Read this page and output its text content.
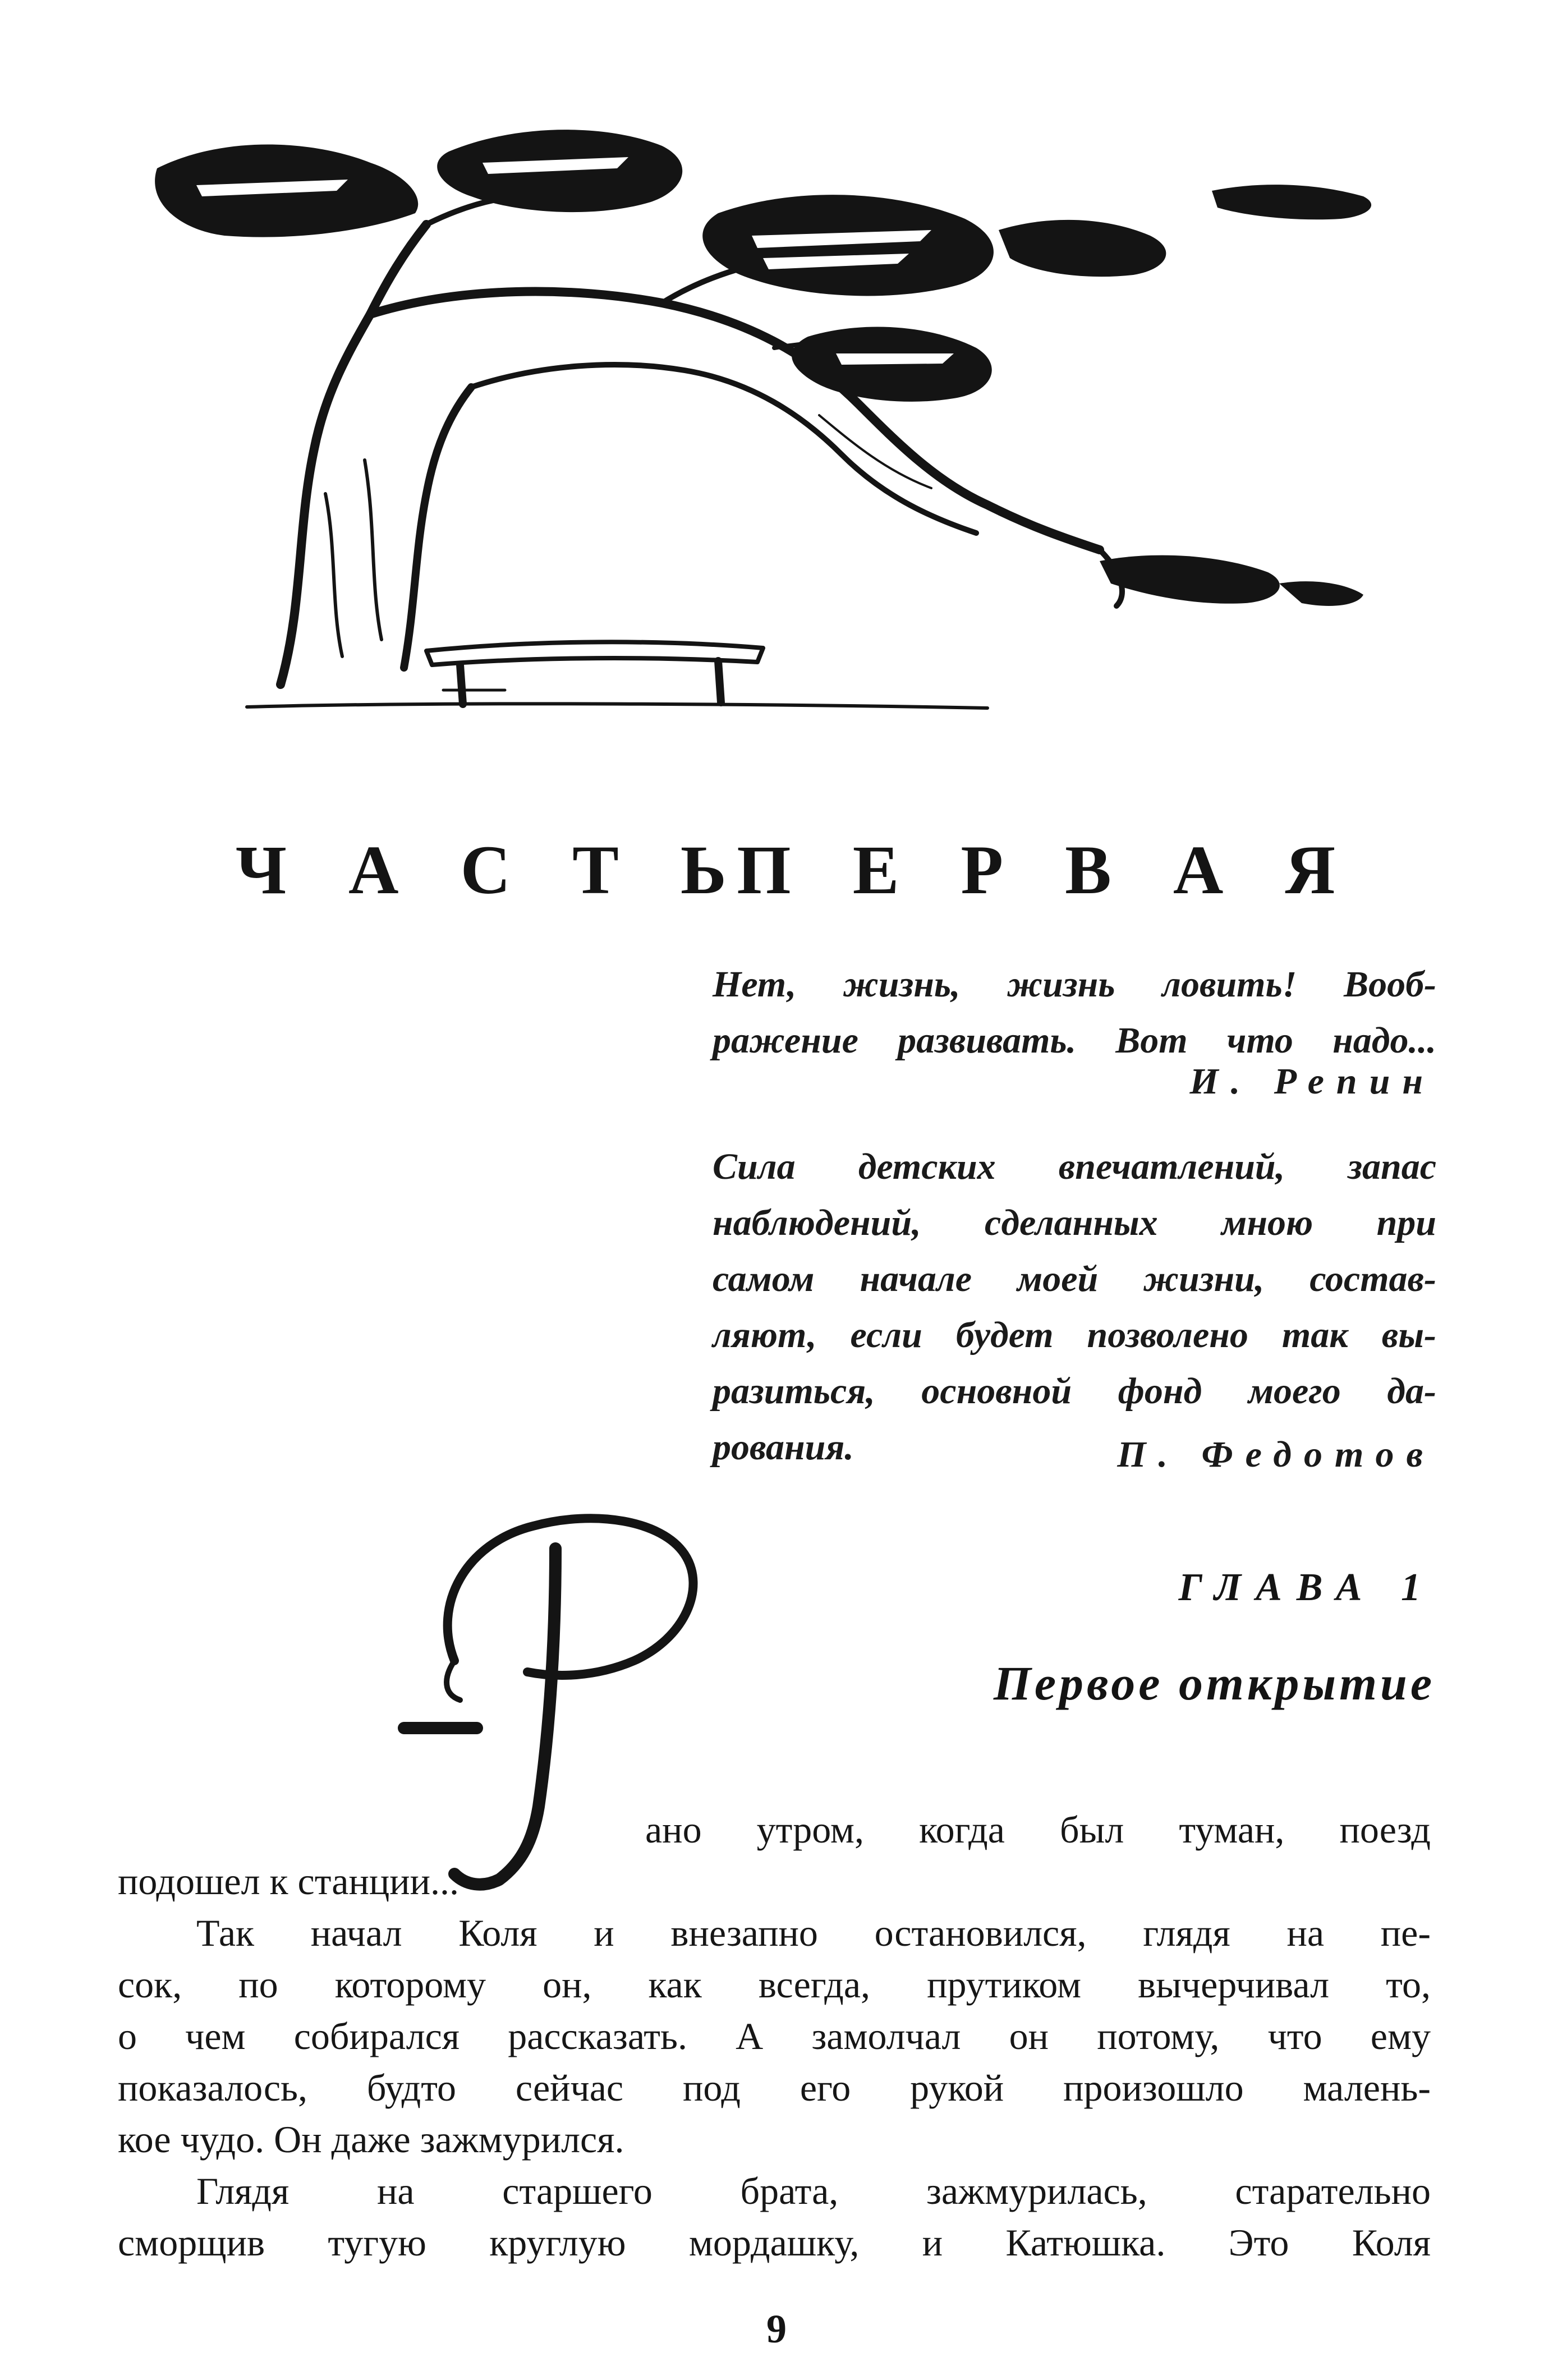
Ч А С Т Ь П Е Р В А Я
Нет, жизнь, жизнь ловить! Вооб-
ражение развивать. Вот что надо...
И. Репин
Сила детских впечатлений, запас
наблюдений, сделанных мною при
самом начале моей жизни, состав-
ляют, если будет позволено так вы-
разиться, основной фонд моего да-
рования.	П. Федотов
ГЛАВА 1
Первое открытие
ано утром, когда был туман, поезд
подошел к станции...
Так начал Коля и внезапно остановился, глядя на пе-
сок, по которому он, как всегда, прутиком вычерчивал то,
о чем собирался рассказать. А замолчал он потому, что ему
показалось, будто сейчас под его рукой произошло малень-
кое чудо. Он даже зажмурился.
Глядя на старшего брата, зажмурилась, старательно
сморщив тугую круглую мордашку, и Катюшка. Это Коля
9
